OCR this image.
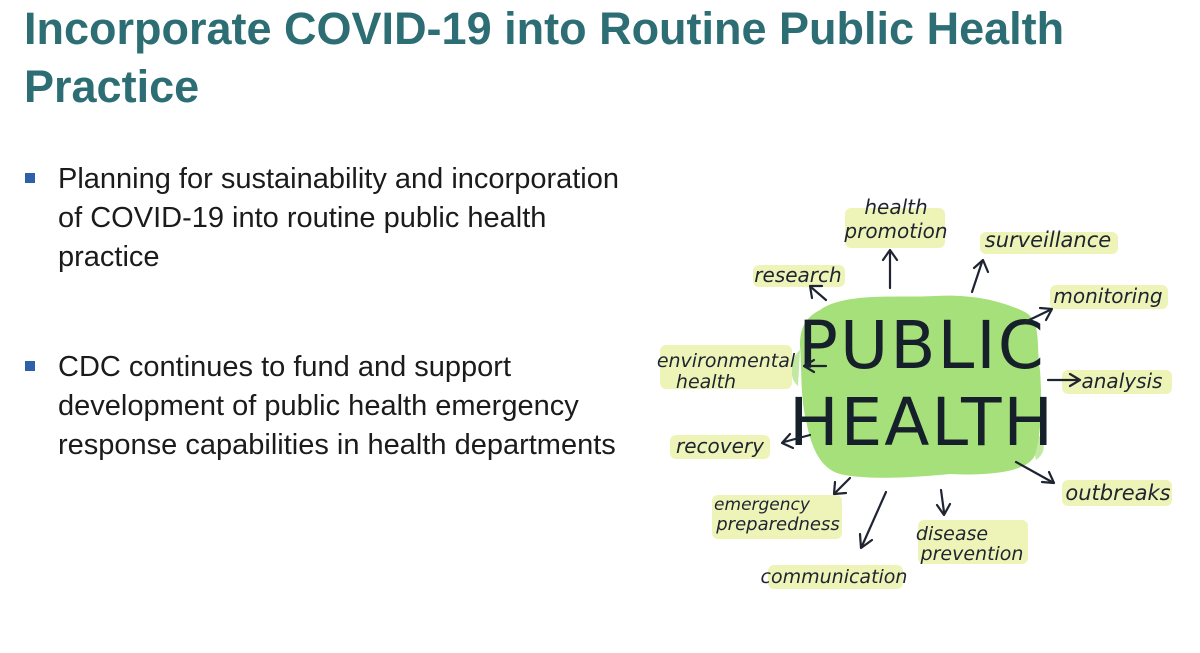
Incorporate COVID-19 into Routine Public Health Practice
Planning for sustainability and incorporation of COVID-19 into routine public health practice
CDC continues to fund and support development of public health emergency response capabilities in health departments
PUBLIC
HEALTH
health
promotion surveillance
research
monitoring
environmental
health	analysis
recovery
outbreaks
emergency
preparedness	disease
prevention
communication
